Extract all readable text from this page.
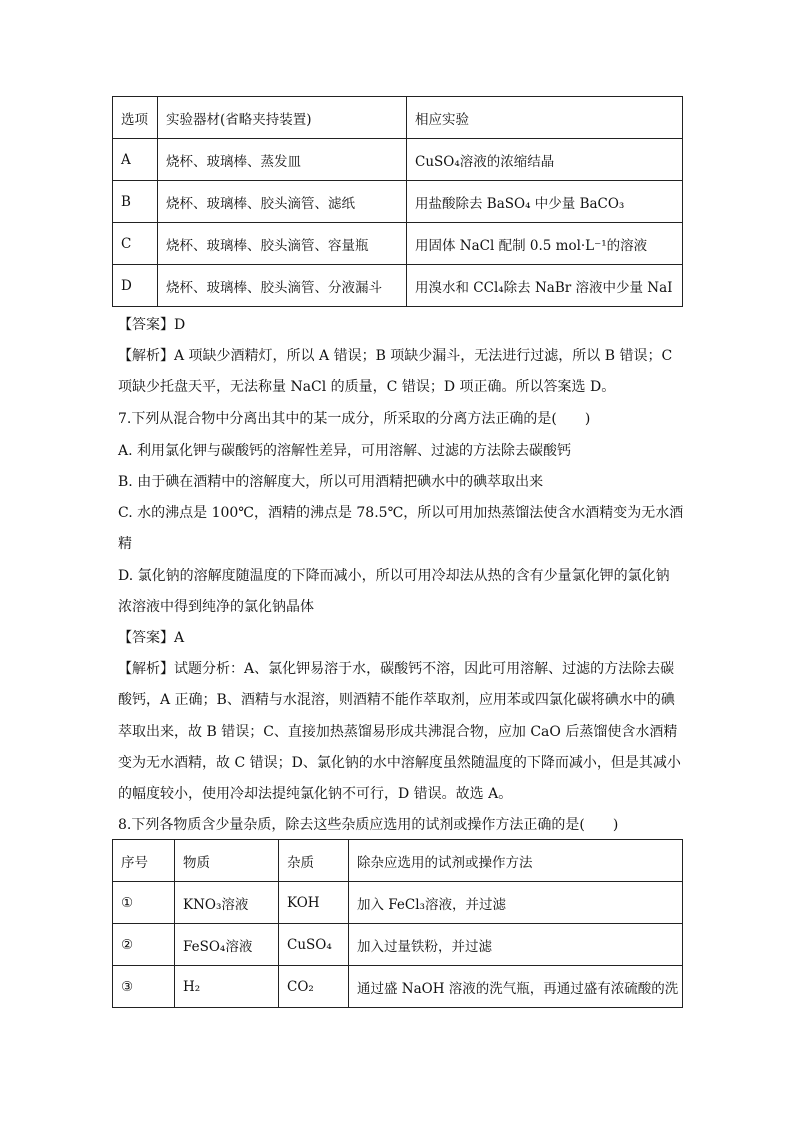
选项	实验器材(省略夹持装置)	相应实验
A	烧杯、玻璃棒、蒸发皿	CuSO₄溶液的浓缩结晶
B	烧杯、玻璃棒、胶头滴管、滤纸	用盐酸除去 BaSO₄ 中少量 BaCO₃
C	烧杯、玻璃棒、胶头滴管、容量瓶	用固体 NaCl 配制 0.5 mol·L⁻¹的溶液
D	烧杯、玻璃棒、胶头滴管、分液漏斗	用溴水和 CCl₄除去 NaBr 溶液中少量 NaI
【答案】D
【解析】A 项缺少酒精灯，所以 A 错误；B 项缺少漏斗，无法进行过滤，所以 B 错误；C
项缺少托盘天平，无法称量 NaCl 的质量，C 错误；D 项正确。所以答案选 D。
7.下列从混合物中分离出其中的某一成分，所采取的分离方法正确的是(　　)
A. 利用氯化钾与碳酸钙的溶解性差异，可用溶解、过滤的方法除去碳酸钙
B. 由于碘在酒精中的溶解度大，所以可用酒精把碘水中的碘萃取出来
C. 水的沸点是 100℃，酒精的沸点是 78.5℃，所以可用加热蒸馏法使含水酒精变为无水酒
精
D. 氯化钠的溶解度随温度的下降而减小，所以可用冷却法从热的含有少量氯化钾的氯化钠
浓溶液中得到纯净的氯化钠晶体
【答案】A
【解析】试题分析：A、氯化钾易溶于水，碳酸钙不溶，因此可用溶解、过滤的方法除去碳
酸钙，A 正确；B、酒精与水混溶，则酒精不能作萃取剂，应用苯或四氯化碳将碘水中的碘
萃取出来，故 B 错误；C、直接加热蒸馏易形成共沸混合物，应加 CaO 后蒸馏使含水酒精
变为无水酒精，故 C 错误；D、氯化钠的水中溶解度虽然随温度的下降而减小，但是其减小
的幅度较小，使用冷却法提纯氯化钠不可行，D 错误。故选 A。
8.下列各物质含少量杂质，除去这些杂质应选用的试剂或操作方法正确的是(　　)
序号	物质	杂质	除杂应选用的试剂或操作方法
①	KNO₃溶液	KOH	加入 FeCl₃溶液，并过滤
②	FeSO₄溶液	CuSO₄	加入过量铁粉，并过滤
③	H₂	CO₂	通过盛 NaOH 溶液的洗气瓶，再通过盛有浓硫酸的洗
